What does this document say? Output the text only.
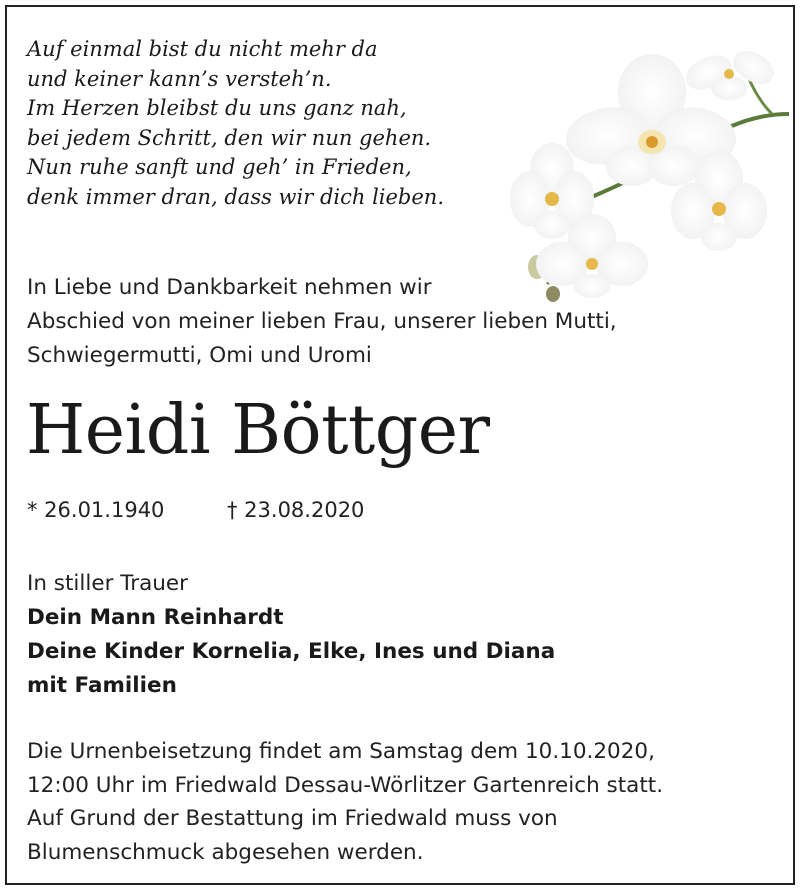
Auf einmal bist du nicht mehr da
und keiner kann’s versteh’n.
Im Herzen bleibst du uns ganz nah,
bei jedem Schritt, den wir nun gehen.
Nun ruhe sanft und geh’ in Frieden,
denk immer dran, dass wir dich lieben.
In Liebe und Dankbarkeit nehmen wir
Abschied von meiner lieben Frau, unserer lieben Mutti,
Schwiegermutti, Omi und Uromi
Heidi Böttger
* 26.01.1940	† 23.08.2020
In stiller Trauer
Dein Mann Reinhardt
Deine Kinder Kornelia, Elke, Ines und Diana
mit Familien
Die Urnenbeisetzung findet am Samstag dem 10.10.2020,
12:00 Uhr im Friedwald Dessau-Wörlitzer Gartenreich statt.
Auf Grund der Bestattung im Friedwald muss von
Blumenschmuck abgesehen werden.
